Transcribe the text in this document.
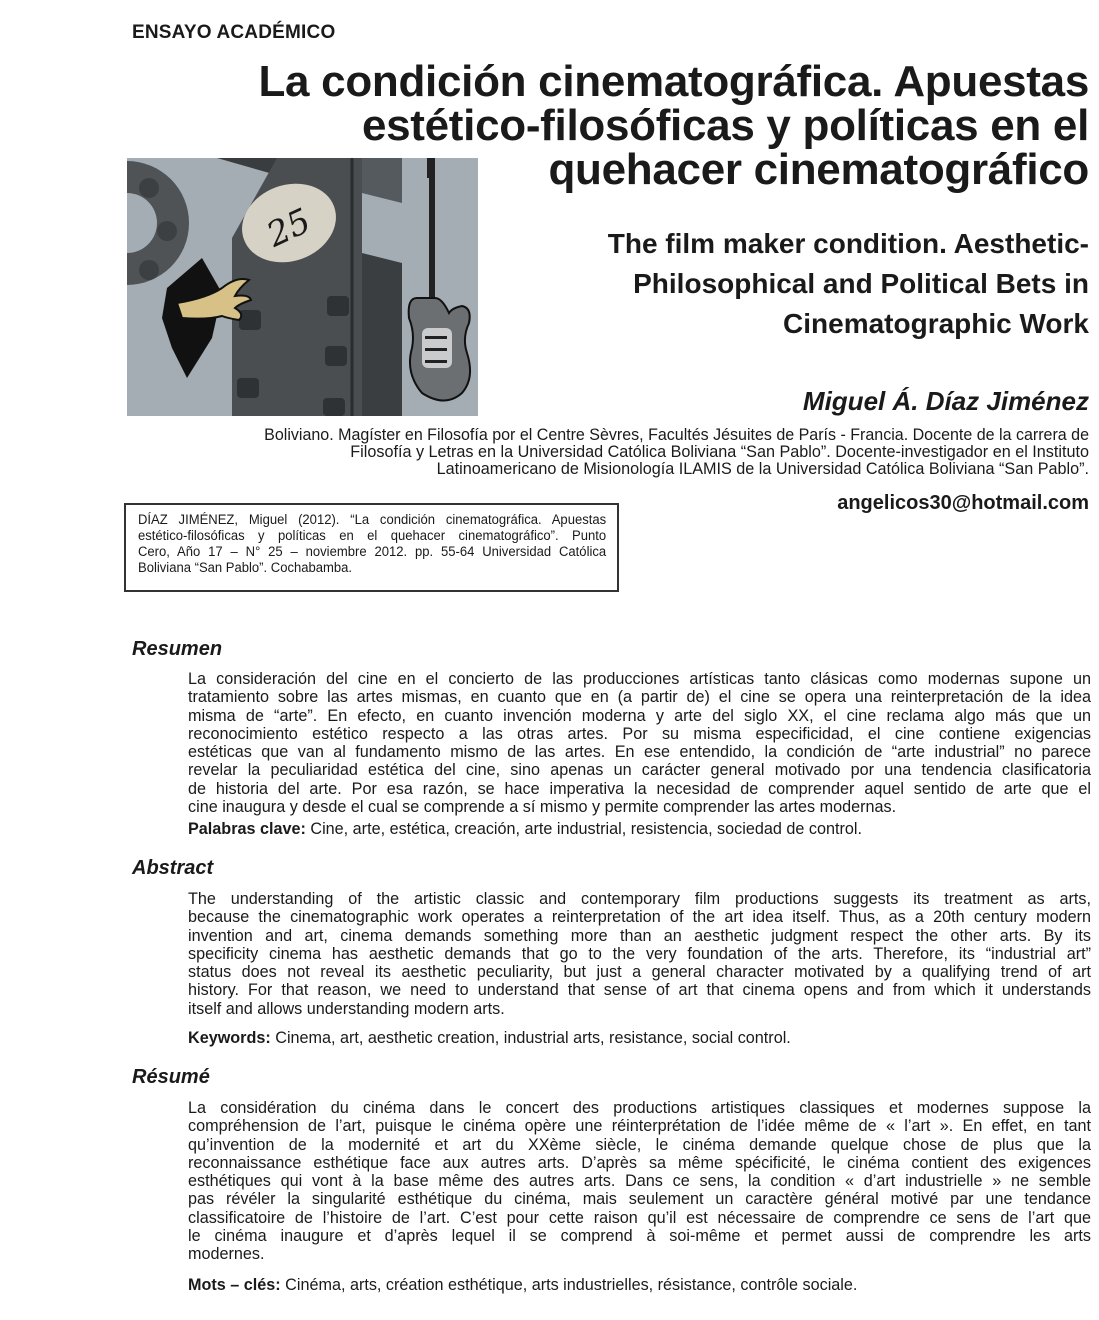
ENSAYO ACADÉMICO
La condición cinematográfica. Apuestas
estético-filosóficas y políticas en el
quehacer cinematográfico
25	The film maker condition. Aesthetic-
Philosophical and Political Bets in
Cinematographic Work
Miguel Á. Díaz Jiménez
Boliviano. Magíster en Filosofía por el Centre Sèvres, Facultés Jésuites de París - Francia. Docente de la carrera de
Filosofía y Letras en la Universidad Católica Boliviana “San Pablo”. Docente-investigador en el Instituto
Latinoamericano de Misionología ILAMIS de la Universidad Católica Boliviana “San Pablo”.
angelicos30@hotmail.com
DÍAZ JIMÉNEZ, Miguel (2012). “La condición cinematográfica. Apuestas
estético-filosóficas y políticas en el quehacer cinematográfico”. Punto
Cero, Año 17 – N° 25 – noviembre 2012. pp. 55-64 Universidad Católica
Boliviana “San Pablo”. Cochabamba.
Resumen
La consideración del cine en el concierto de las producciones artísticas tanto clásicas como modernas supone un
tratamiento sobre las artes mismas, en cuanto que en (a partir de) el cine se opera una reinterpretación de la idea
misma de “arte”. En efecto, en cuanto invención moderna y arte del siglo XX, el cine reclama algo más que un
reconocimiento estético respecto a las otras artes. Por su misma especificidad, el cine contiene exigencias
estéticas que van al fundamento mismo de las artes. En ese entendido, la condición de “arte industrial” no parece
revelar la peculiaridad estética del cine, sino apenas un carácter general motivado por una tendencia clasificatoria
de historia del arte. Por esa razón, se hace imperativa la necesidad de comprender aquel sentido de arte que el
cine inaugura y desde el cual se comprende a sí mismo y permite comprender las artes modernas.
Palabras clave: Cine, arte, estética, creación, arte industrial, resistencia, sociedad de control.
Abstract
The understanding of the artistic classic and contemporary film productions suggests its treatment as arts,
because the cinematographic work operates a reinterpretation of the art idea itself. Thus, as a 20th century modern
invention and art, cinema demands something more than an aesthetic judgment respect the other arts. By its
specificity cinema has aesthetic demands that go to the very foundation of the arts. Therefore, its “industrial art”
status does not reveal its aesthetic peculiarity, but just a general character motivated by a qualifying trend of art
history. For that reason, we need to understand that sense of art that cinema opens and from which it understands
itself and allows understanding modern arts.
Keywords: Cinema, art, aesthetic creation, industrial arts, resistance, social control.
Résumé
La considération du cinéma dans le concert des productions artistiques classiques et modernes suppose la
compréhension de l’art, puisque le cinéma opère une réinterprétation de l’idée même de « l’art ». En effet, en tant
qu’invention de la modernité et art du XXème siècle, le cinéma demande quelque chose de plus que la
reconnaissance esthétique face aux autres arts. D’après sa même spécificité, le cinéma contient des exigences
esthétiques qui vont à la base même des autres arts. Dans ce sens, la condition « d’art industrielle » ne semble
pas révéler la singularité esthétique du cinéma, mais seulement un caractère général motivé par une tendance
classificatoire de l’histoire de l’art. C’est pour cette raison qu’il est nécessaire de comprendre ce sens de l’art que
le cinéma inaugure et d’après lequel il se comprend à soi-même et permet aussi de comprendre les arts
modernes.
Mots – clés: Cinéma, arts, création esthétique, arts industrielles, résistance, contrôle sociale.
